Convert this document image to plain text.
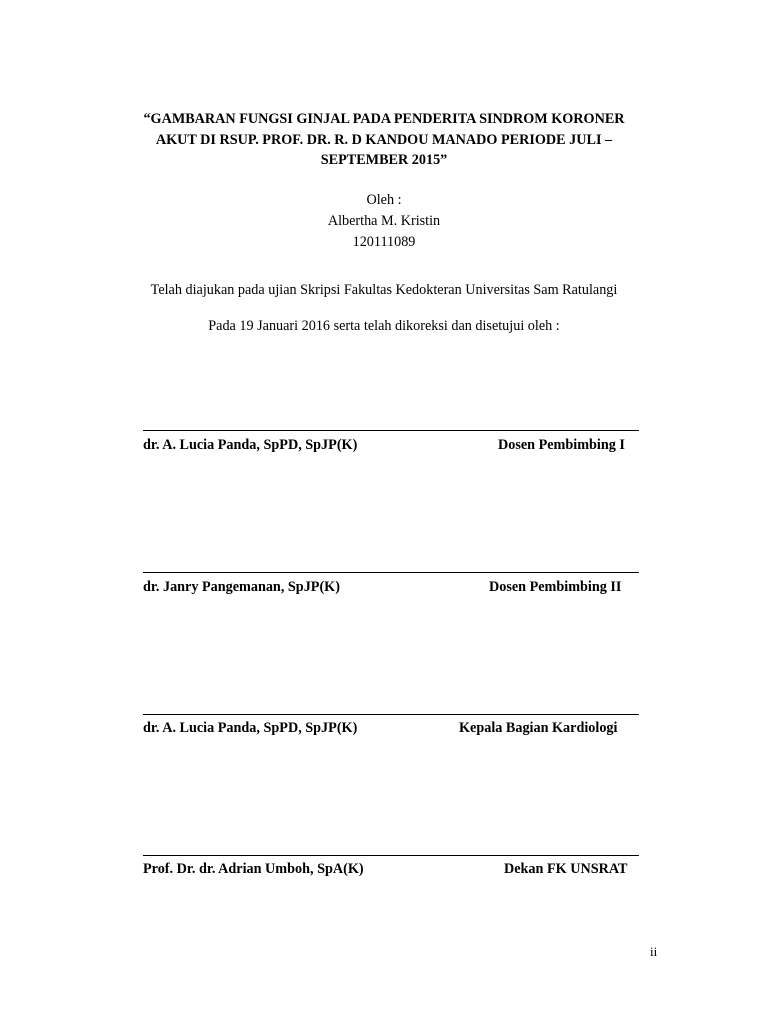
“GAMBARAN FUNGSI GINJAL PADA PENDERITA SINDROM KORONER
AKUT DI RSUP. PROF. DR. R. D KANDOU MANADO PERIODE JULI –
SEPTEMBER 2015”

Oleh :

Albertha M. Kristin

120111089

Telah diajukan pada ujian Skripsi Fakultas Kedokteran Universitas Sam Ratulangi

Pada 19 Januari 2016 serta telah dikoreksi dan disetujui oleh :

dr. A. Lucia Panda, SpPD, SpJP(K)	Dosen Pembimbing I
dr. Janry Pangemanan, SpJP(K)	Dosen Pembimbing II
dr. A. Lucia Panda, SpPD, SpJP(K)	Kepala Bagian Kardiologi
Prof. Dr. dr. Adrian Umboh, SpA(K)	Dekan FK UNSRAT
ii
